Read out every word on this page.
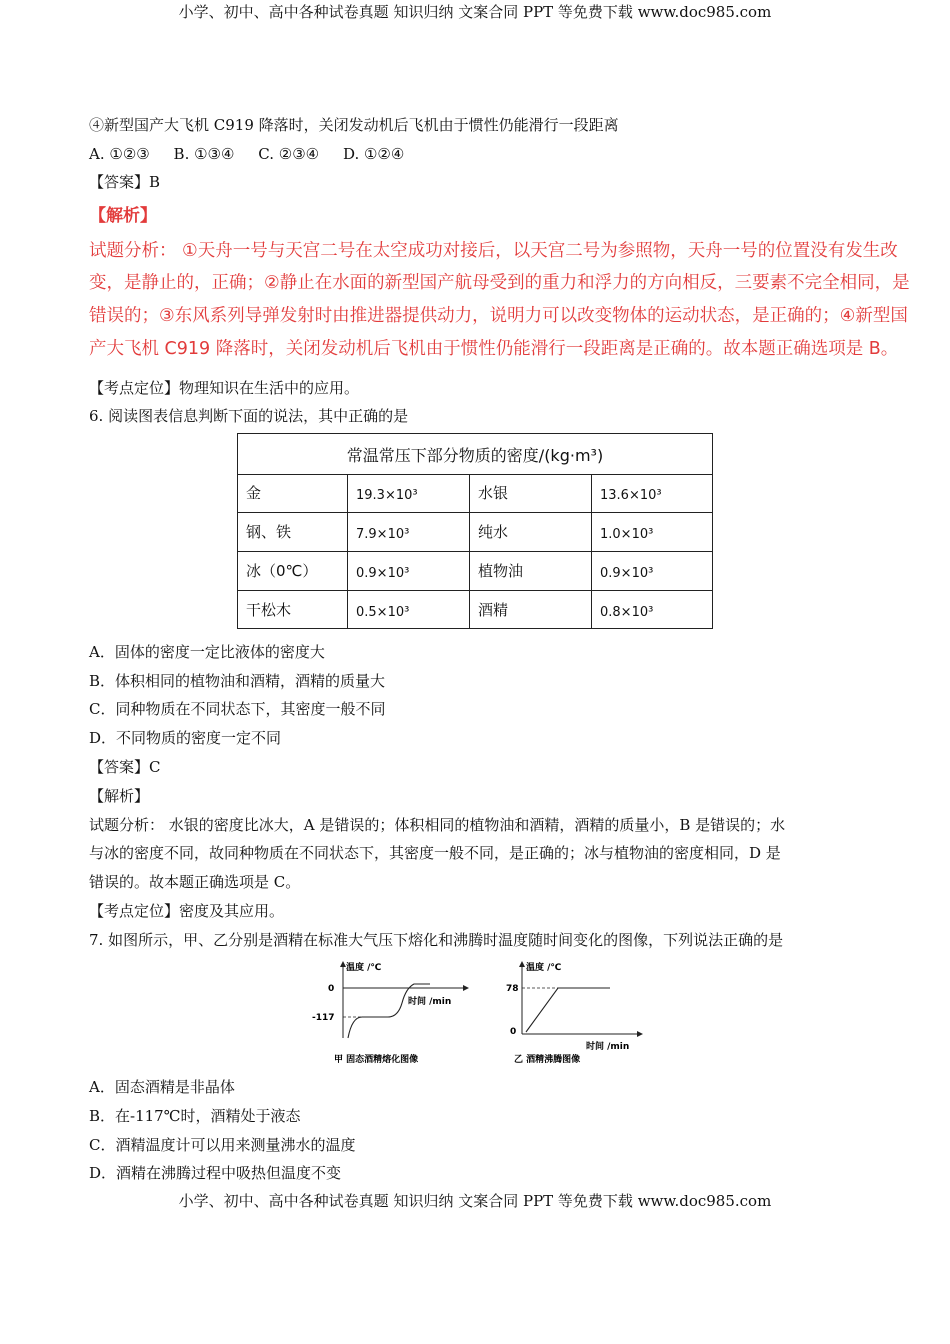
小学、初中、高中各种试卷真题 知识归纳 文案合同 PPT 等免费下载 www.doc985.com
④新型国产大飞机 C919 降落时，关闭发动机后飞机由于惯性仍能滑行一段距离
A. ①②③     B. ①③④     C. ②③④     D. ①②④
【答案】B
【解析】
试题分析： ①天舟一号与天宫二号在太空成功对接后，以天宫二号为参照物，天舟一号的位置没有发生改
变，是静止的，正确；②静止在水面的新型国产航母受到的重力和浮力的方向相反，三要素不完全相同，是
错误的；③东风系列导弹发射时由推进器提供动力，说明力可以改变物体的运动状态，是正确的；④新型国
产大飞机 C919 降落时，关闭发动机后飞机由于惯性仍能滑行一段距离是正确的。故本题正确选项是 B。
【考点定位】物理知识在生活中的应用。
6. 阅读图表信息判断下面的说法，其中正确的是
常温常压下部分物质的密度/(kg·m³)
金	19.3×10³	水银	13.6×10³
钢、铁	7.9×10³	纯水	1.0×10³
冰（0℃）	0.9×10³	植物油	0.9×10³
干松木	0.5×10³	酒精	0.8×10³
A．固体的密度一定比液体的密度大
B．体积相同的植物油和酒精，酒精的质量大
C．同种物质在不同状态下，其密度一般不同
D．不同物质的密度一定不同
【答案】C
【解析】
试题分析： 水银的密度比冰大，A 是错误的；体积相同的植物油和酒精，酒精的质量小，B 是错误的；水
与冰的密度不同，故同种物质在不同状态下，其密度一般不同，是正确的；冰与植物油的密度相同，D 是
错误的。故本题正确选项是 C。
【考点定位】密度及其应用。
7. 如图所示，甲、乙分别是酒精在标准大气压下熔化和沸腾时温度随时间变化的图像，下列说法正确的是
温度 /℃
时间 /min
0
-117
甲 固态酒精熔化图像
温度 /℃
时间 /min
78
0
乙 酒精沸腾图像
A．固态酒精是非晶体
B．在-117℃时，酒精处于液态
C．酒精温度计可以用来测量沸水的温度
D．酒精在沸腾过程中吸热但温度不变
小学、初中、高中各种试卷真题 知识归纳 文案合同 PPT 等免费下载 www.doc985.com
